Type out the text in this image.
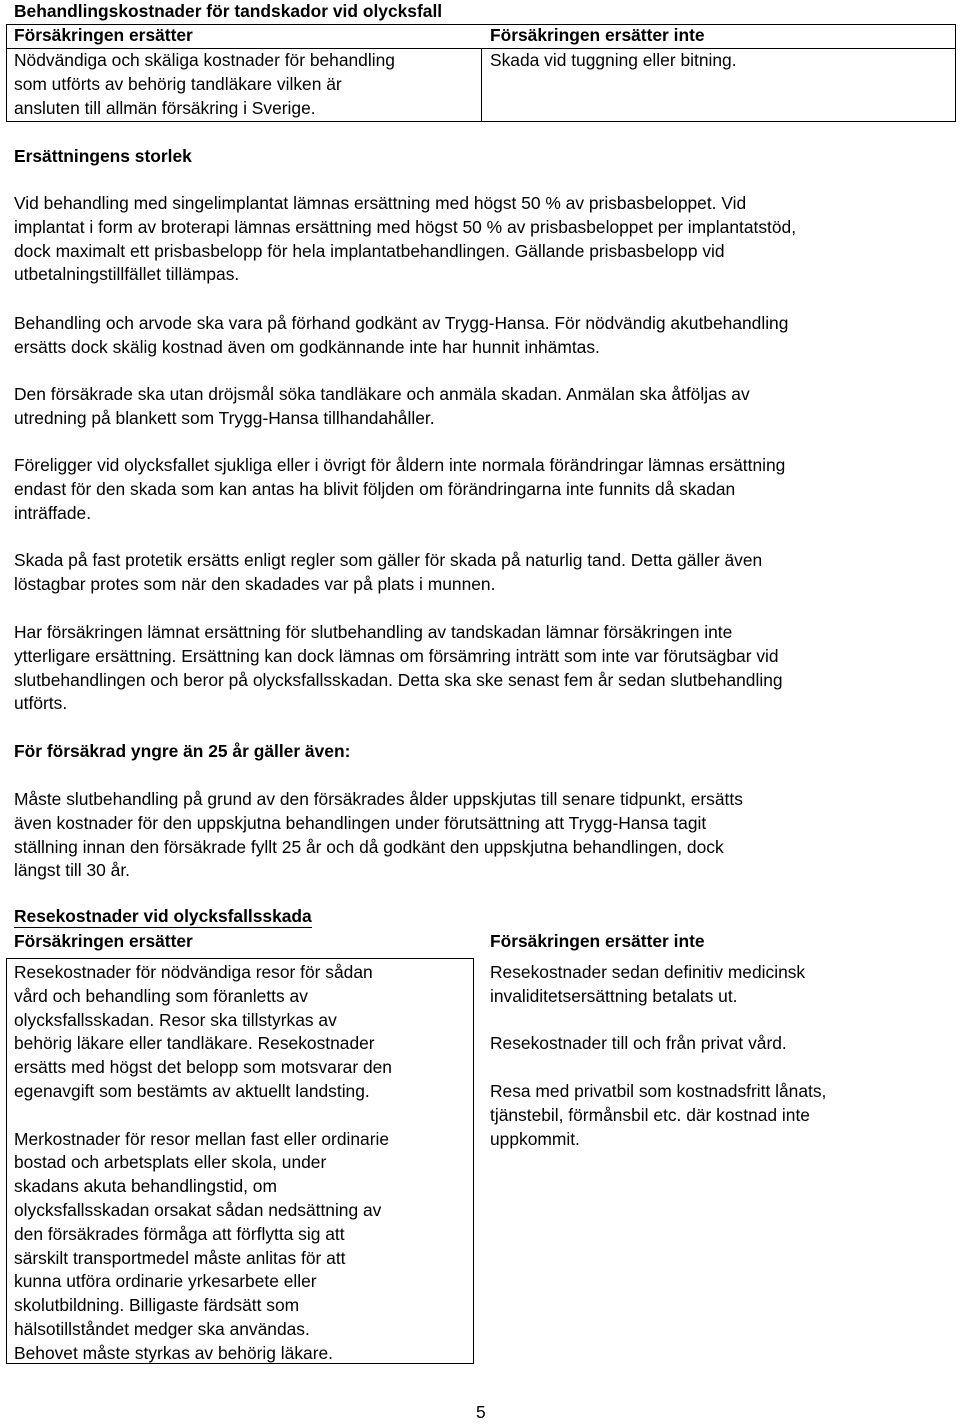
Behandlingskostnader för tandskador vid olycksfall
Försäkringen ersätter	Försäkringen ersätter inte
Nödvändiga och skäliga kostnader för behandling
som utförts av behörig tandläkare vilken är
ansluten till allmän försäkring i Sverige.
Skada vid tuggning eller bitning.
Ersättningens storlek
Vid behandling med singelimplantat lämnas ersättning med högst 50 % av prisbasbeloppet. Vid
implantat i form av broterapi lämnas ersättning med högst 50 % av prisbasbeloppet per implantatstöd,
dock maximalt ett prisbasbelopp för hela implantatbehandlingen. Gällande prisbasbelopp vid
utbetalningstillfället tillämpas.
Behandling och arvode ska vara på förhand godkänt av Trygg-Hansa. För nödvändig akutbehandling
ersätts dock skälig kostnad även om godkännande inte har hunnit inhämtas.
Den försäkrade ska utan dröjsmål söka tandläkare och anmäla skadan. Anmälan ska åtföljas av
utredning på blankett som Trygg-Hansa tillhandahåller.
Föreligger vid olycksfallet sjukliga eller i övrigt för åldern inte normala förändringar lämnas ersättning
endast för den skada som kan antas ha blivit följden om förändringarna inte funnits då skadan
inträffade.
Skada på fast protetik ersätts enligt regler som gäller för skada på naturlig tand. Detta gäller även
löstagbar protes som när den skadades var på plats i munnen.
Har försäkringen lämnat ersättning för slutbehandling av tandskadan lämnar försäkringen inte
ytterligare ersättning. Ersättning kan dock lämnas om försämring inträtt som inte var förutsägbar vid
slutbehandlingen och beror på olycksfallsskadan. Detta ska ske senast fem år sedan slutbehandling
utförts.
För försäkrad yngre än 25 år gäller även:
Måste slutbehandling på grund av den försäkrades ålder uppskjutas till senare tidpunkt, ersätts
även kostnader för den uppskjutna behandlingen under förutsättning att Trygg-Hansa tagit
ställning innan den försäkrade fyllt 25 år och då godkänt den uppskjutna behandlingen, dock
längst till 30 år.
Resekostnader vid olycksfallsskada
Försäkringen ersätter	Försäkringen ersätter inte
Resekostnader för nödvändiga resor för sådan
vård och behandling som föranletts av
olycksfallsskadan. Resor ska tillstyrkas av
behörig läkare eller tandläkare. Resekostnader
ersätts med högst det belopp som motsvarar den
egenavgift som bestämts av aktuellt landsting.
Merkostnader för resor mellan fast eller ordinarie
bostad och arbetsplats eller skola, under
skadans akuta behandlingstid, om
olycksfallsskadan orsakat sådan nedsättning av
den försäkrades förmåga att förflytta sig att
särskilt transportmedel måste anlitas för att
kunna utföra ordinarie yrkesarbete eller
skolutbildning. Billigaste färdsätt som
hälsotillståndet medger ska användas.
Behovet måste styrkas av behörig läkare.
Resekostnader sedan definitiv medicinsk
invaliditetsersättning betalats ut.
Resekostnader till och från privat vård.
Resa med privatbil som kostnadsfritt lånats,
tjänstebil, förmånsbil etc. där kostnad inte
uppkommit.
5
